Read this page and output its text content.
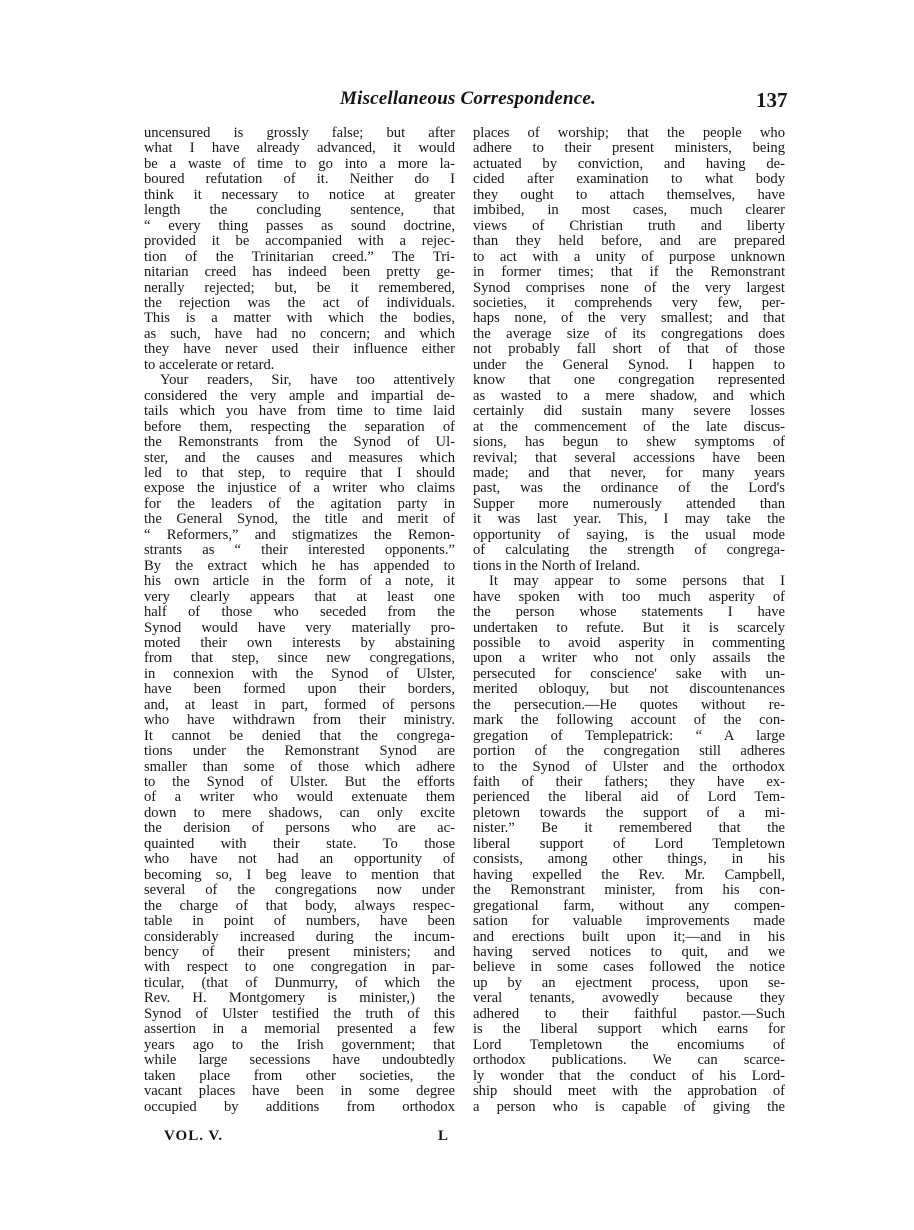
Miscellaneous Correspondence.	137
uncensured is grossly false; but after
what I have already advanced, it would
be a waste of time to go into a more la-
boured refutation of it. Neither do I
think it necessary to notice at greater
length the concluding sentence, that
“ every thing passes as sound doctrine,
provided it be accompanied with a rejec-
tion of the Trinitarian creed.” The Tri-
nitarian creed has indeed been pretty ge-
nerally rejected; but, be it remembered,
the rejection was the act of individuals.
This is a matter with which the bodies,
as such, have had no concern; and which
they have never used their influence either
to accelerate or retard.
Your readers, Sir, have too attentively
considered the very ample and impartial de-
tails which you have from time to time laid
before them, respecting the separation of
the Remonstrants from the Synod of Ul-
ster, and the causes and measures which
led to that step, to require that I should
expose the injustice of a writer who claims
for the leaders of the agitation party in
the General Synod, the title and merit of
“ Reformers,” and stigmatizes the Remon-
strants as “ their interested opponents.”
By the extract which he has appended to
his own article in the form of a note, it
very clearly appears that at least one
half of those who seceded from the
Synod would have very materially pro-
moted their own interests by abstaining
from that step, since new congregations,
in connexion with the Synod of Ulster,
have been formed upon their borders,
and, at least in part, formed of persons
who have withdrawn from their ministry.
It cannot be denied that the congrega-
tions under the Remonstrant Synod are
smaller than some of those which adhere
to the Synod of Ulster. But the efforts
of a writer who would extenuate them
down to mere shadows, can only excite
the derision of persons who are ac-
quainted with their state. To those
who have not had an opportunity of
becoming so, I beg leave to mention that
several of the congregations now under
the charge of that body, always respec-
table in point of numbers, have been
considerably increased during the incum-
bency of their present ministers; and
with respect to one congregation in par-
ticular, (that of Dunmurry, of which the
Rev. H. Montgomery is minister,) the
Synod of Ulster testified the truth of this
assertion in a memorial presented a few
years ago to the Irish government; that
while large secessions have undoubtedly
taken place from other societies, the
vacant places have been in some degree
occupied by additions from orthodox
places of worship; that the people who
adhere to their present ministers, being
actuated by conviction, and having de-
cided after examination to what body
they ought to attach themselves, have
imbibed, in most cases, much clearer
views of Christian truth and liberty
than they held before, and are prepared
to act with a unity of purpose unknown
in former times; that if the Remonstrant
Synod comprises none of the very largest
societies, it comprehends very few, per-
haps none, of the very smallest; and that
the average size of its congregations does
not probably fall short of that of those
under the General Synod. I happen to
know that one congregation represented
as wasted to a mere shadow, and which
certainly did sustain many severe losses
at the commencement of the late discus-
sions, has begun to shew symptoms of
revival; that several accessions have been
made; and that never, for many years
past, was the ordinance of the Lord's
Supper more numerously attended than
it was last year. This, I may take the
opportunity of saying, is the usual mode
of calculating the strength of congrega-
tions in the North of Ireland.
It may appear to some persons that I
have spoken with too much asperity of
the person whose statements I have
undertaken to refute. But it is scarcely
possible to avoid asperity in commenting
upon a writer who not only assails the
persecuted for conscience' sake with un-
merited obloquy, but not discountenances
the persecution.—He quotes without re-
mark the following account of the con-
gregation of Templepatrick: “ A large
portion of the congregation still adheres
to the Synod of Ulster and the orthodox
faith of their fathers; they have ex-
perienced the liberal aid of Lord Tem-
pletown towards the support of a mi-
nister.” Be it remembered that the
liberal support of Lord Templetown
consists, among other things, in his
having expelled the Rev. Mr. Campbell,
the Remonstrant minister, from his con-
gregational farm, without any compen-
sation for valuable improvements made
and erections built upon it;—and in his
having served notices to quit, and we
believe in some cases followed the notice
up by an ejectment process, upon se-
veral tenants, avowedly because they
adhered to their faithful pastor.—Such
is the liberal support which earns for
Lord Templetown the encomiums of
orthodox publications. We can scarce-
ly wonder that the conduct of his Lord-
ship should meet with the approbation of
a person who is capable of giving the
VOL. V.	L
